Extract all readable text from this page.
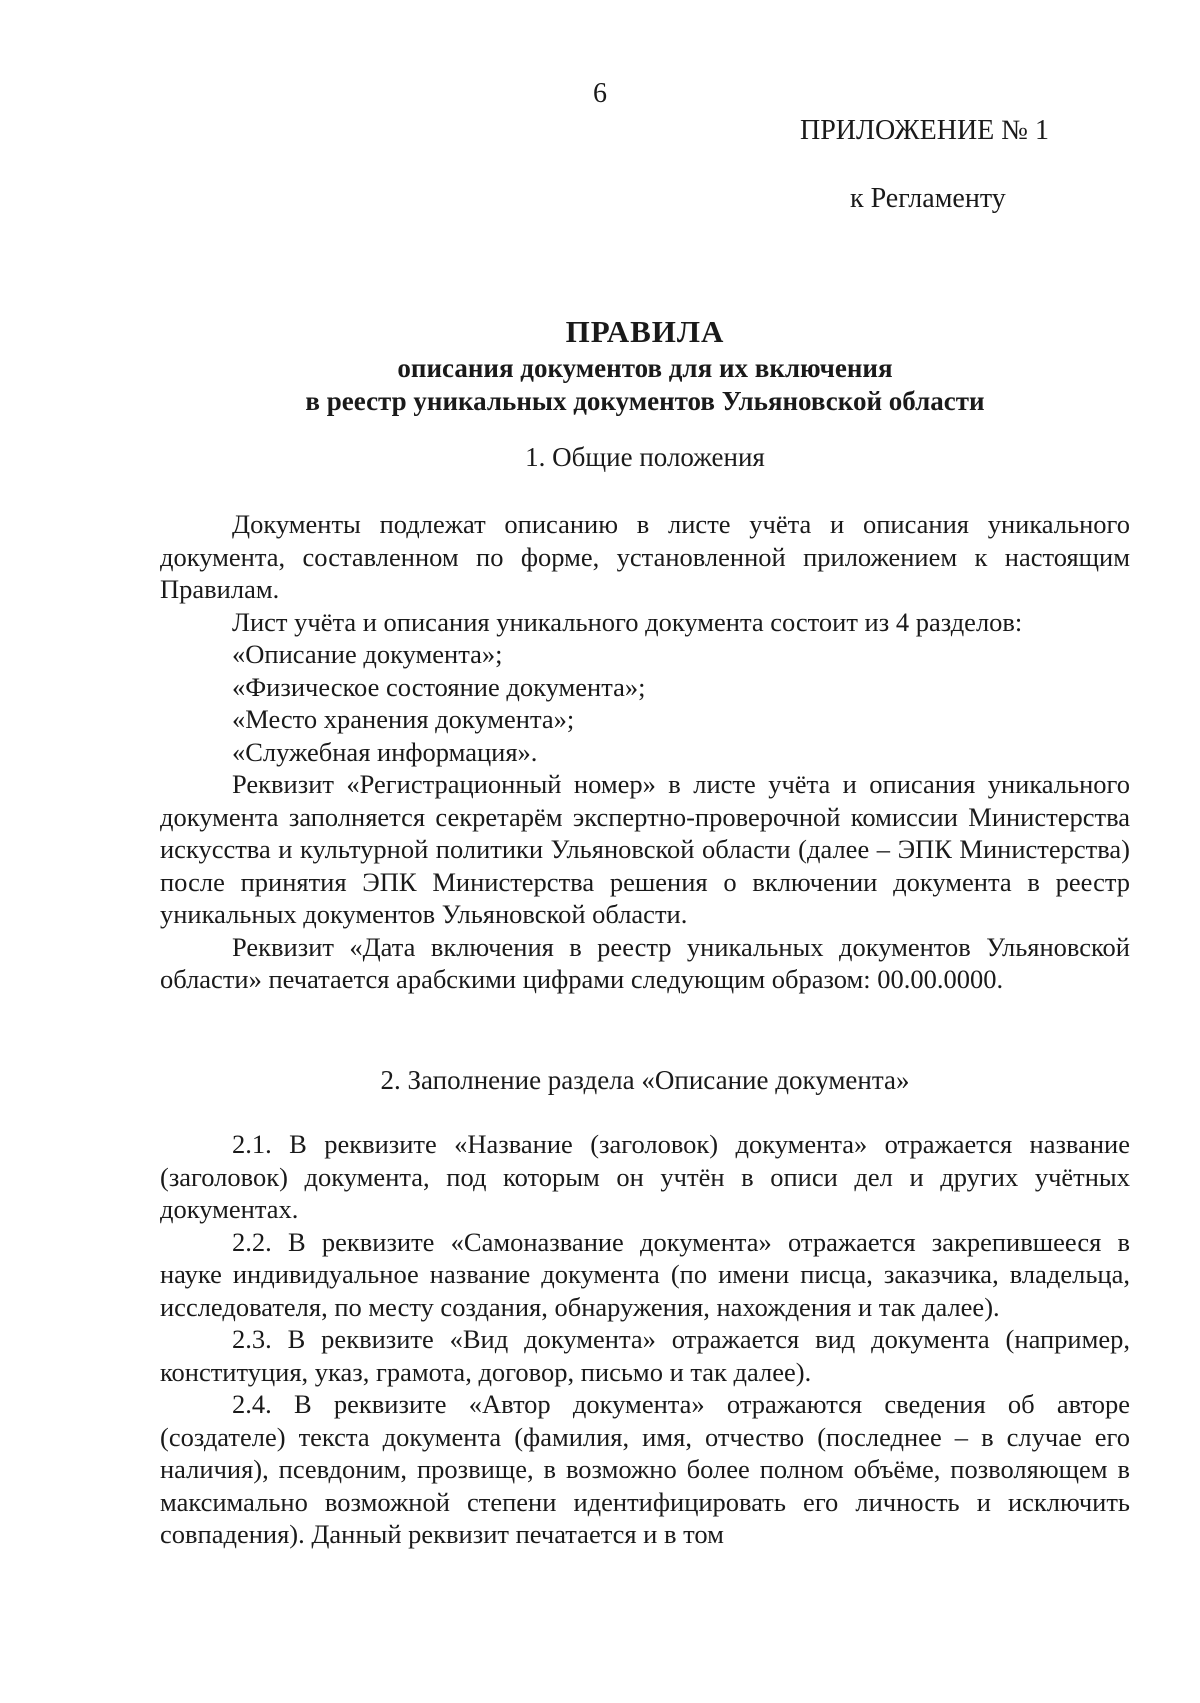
6
ПРИЛОЖЕНИЕ № 1
к Регламенту
ПРАВИЛА
описания документов для их включения
в реестр уникальных документов Ульяновской области
1. Общие положения

Документы подлежат описанию в листе учёта и описания уникального документа, составленном по форме, установленной приложением к настоящим Правилам.

Лист учёта и описания уникального документа состоит из 4 разделов:

«Описание документа»;

«Физическое состояние документа»;

«Место хранения документа»;

«Служебная информация».

Реквизит «Регистрационный номер» в листе учёта и описания уникального документа заполняется секретарём экспертно-проверочной комиссии Министерства искусства и культурной политики Ульяновской области (далее – ЭПК Министерства) после принятия ЭПК Министерства решения о включении документа в реестр уникальных документов Ульяновской области.

Реквизит «Дата включения в реестр уникальных документов Ульяновской области» печатается арабскими цифрами следующим образом: 00.00.0000.

2. Заполнение раздела «Описание документа»

2.1. В реквизите «Название (заголовок) документа» отражается название (заголовок) документа, под которым он учтён в описи дел и других учётных документах.

2.2. В реквизите «Самоназвание документа» отражается закрепившееся в науке индивидуальное название документа (по имени писца, заказчика, владельца, исследователя, по месту создания, обнаружения, нахождения и так далее).

2.3. В реквизите «Вид документа» отражается вид документа (например, конституция, указ, грамота, договор, письмо и так далее).

2.4. В реквизите «Автор документа» отражаются сведения об авторе (создателе) текста документа (фамилия, имя, отчество (последнее – в случае его наличия), псевдоним, прозвище, в возможно более полном объёме, позволяющем в максимально возможной степени идентифицировать его личность и исключить совпадения). Данный реквизит печатается и в том
